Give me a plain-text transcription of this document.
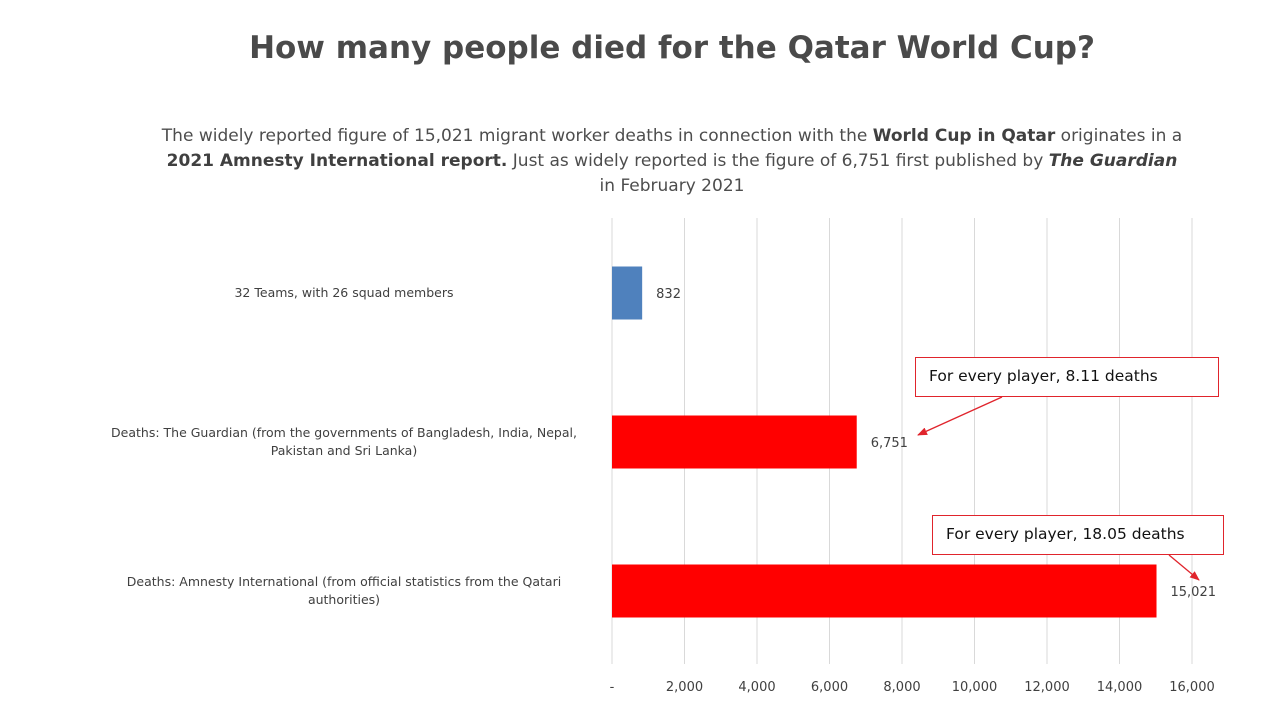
How many people died for the Qatar World Cup?
The widely reported figure of 15,021 migrant worker deaths in connection with the World Cup in Qatar originates in a 2021 Amnesty International report. Just as widely reported is the figure of 6,751 first published by The Guardian in February 2021
832
6,751
15,021
-	2,000	4,000	6,000	8,000 10,000 12,000 14,000 16,000
32 Teams, with 26 squad members
Deaths: The Guardian (from the governments of Bangladesh, India, Nepal,
Pakistan and Sri Lanka)
Deaths: Amnesty International (from official statistics from the Qatari
authorities)
For every player, 8.11 deaths
For every player, 18.05 deaths
